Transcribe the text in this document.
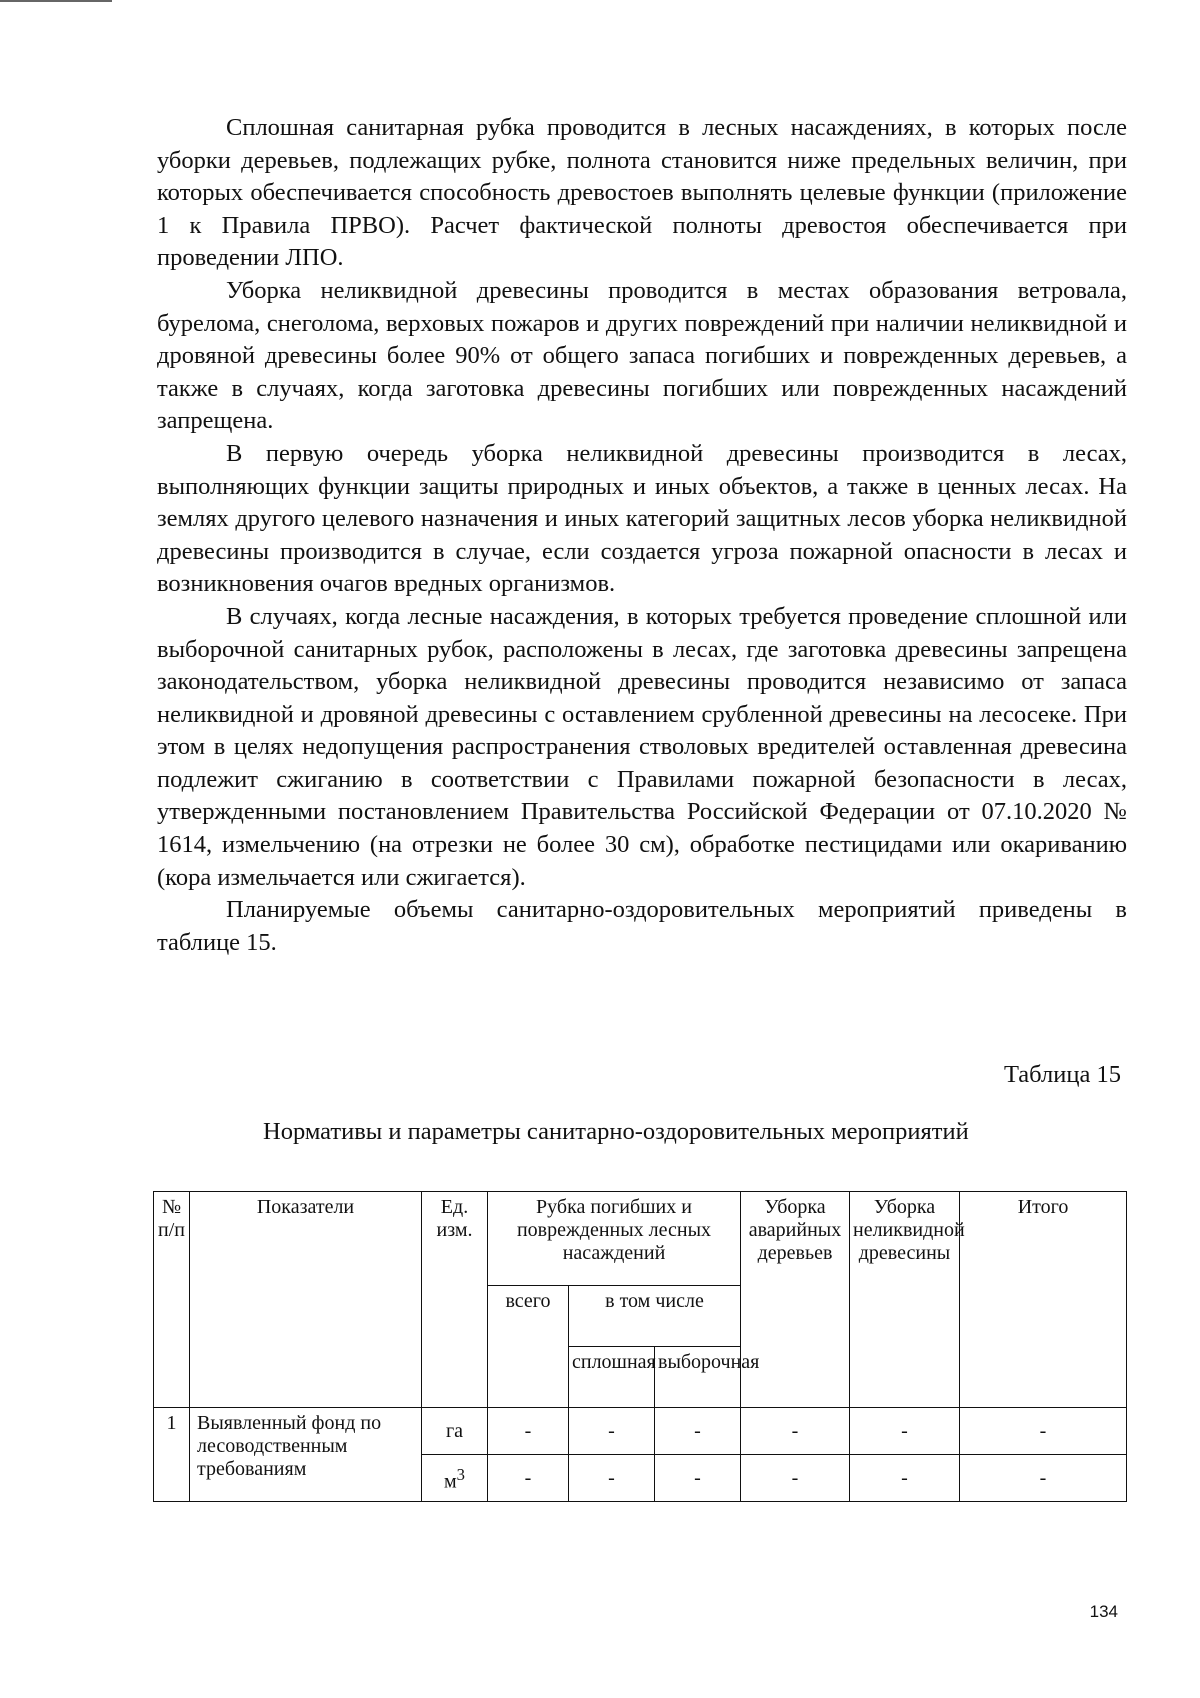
Сплошная санитарная рубка проводится в лесных насаждениях, в которых после уборки деревьев, подлежащих рубке, полнота становится ниже предельных величин, при которых обеспечивается способность древостоев выполнять целевые функции (приложение 1 к Правила ПРВО). Расчет фактической полноты древостоя обеспечивается при проведении ЛПО.

Уборка неликвидной древесины проводится в местах образования ветровала, бурелома, снеголома, верховых пожаров и других повреждений при наличии неликвидной и дровяной древесины более 90% от общего запаса погибших и поврежденных деревьев, а также в случаях, когда заготовка древесины погибших или поврежденных насаждений запрещена.

В первую очередь уборка неликвидной древесины производится в лесах, выполняющих функции защиты природных и иных объектов, а также в ценных лесах. На землях другого целевого назначения и иных категорий защитных лесов уборка неликвидной древесины производится в случае, если создается угроза пожарной опасности в лесах и возникновения очагов вредных организмов.

В случаях, когда лесные насаждения, в которых требуется проведение сплошной или выборочной санитарных рубок, расположены в лесах, где заготовка древесины запрещена законодательством, уборка неликвидной древесины проводится независимо от запаса неликвидной и дровяной древесины с оставлением срубленной древесины на лесосеке. При этом в целях недопущения распространения стволовых вредителей оставленная древесина подлежит сжиганию в соответствии с Правилами пожарной безопасности в лесах, утвержденными постановлением Правительства Российской Федерации от 07.10.2020 № 1614, измельчению (на отрезки не более 30 см), обработке пестицидами или окариванию (кора измельчается или сжигается).

Планируемые объемы санитарно-оздоровительных мероприятий приведены в таблице 15.

Таблица 15
Нормативы и параметры санитарно-оздоровительных мероприятий
№ п/п	Показатели	Ед. изм.	Рубка погибших и поврежденных лесных насаждений			Уборка аварийных деревьев	Уборка неликвидной древесины	Итого
			всего	в том числе				
				сплошная	выборочная			
1	Выявленный фонд по лесоводственным требованиям	га	-	-	-	-	-	-
		$м^3$	-	-	-	-	-	-
134
